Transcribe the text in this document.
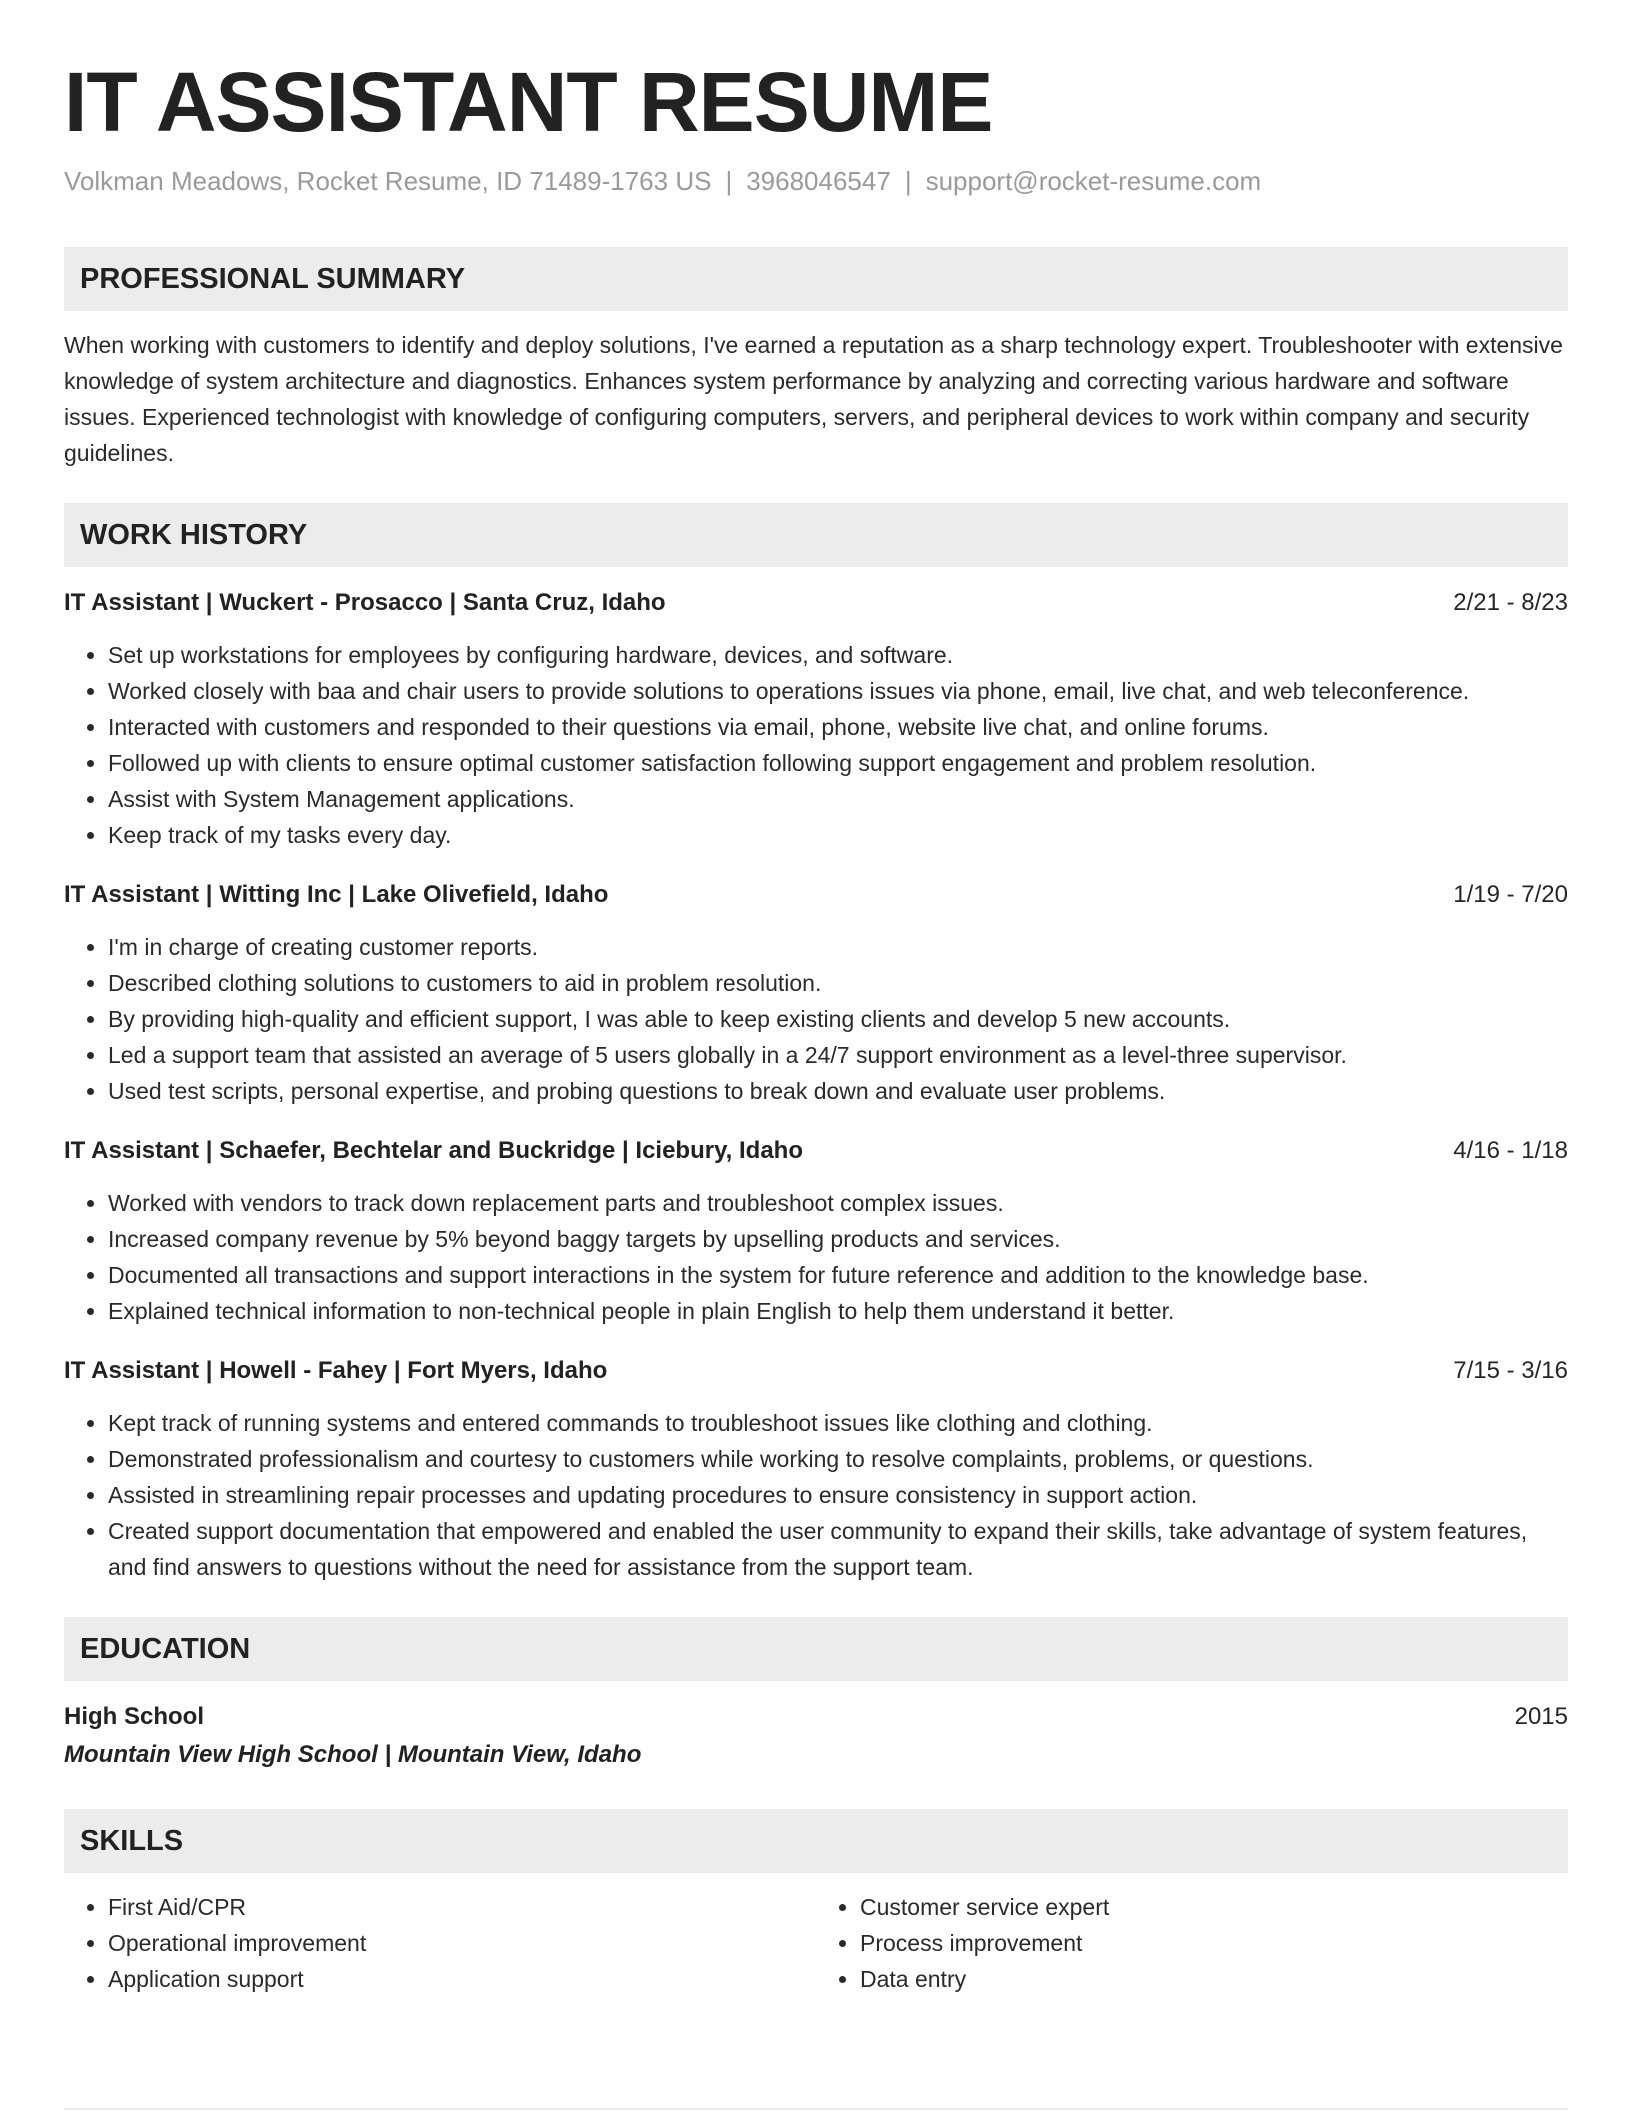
IT ASSISTANT RESUME
Volkman Meadows, Rocket Resume, ID 71489-1763 US | 3968046547 | support@rocket-resume.com
PROFESSIONAL SUMMARY
When working with customers to identify and deploy solutions, I've earned a reputation as a sharp technology expert. Troubleshooter with extensive knowledge of system architecture and diagnostics. Enhances system performance by analyzing and correcting various hardware and software issues. Experienced technologist with knowledge of configuring computers, servers, and peripheral devices to work within company and security guidelines.
WORK HISTORY
IT Assistant | Wuckert - Prosacco | Santa Cruz, Idaho	2/21 - 8/23
• Set up workstations for employees by configuring hardware, devices, and software.
• Worked closely with baa and chair users to provide solutions to operations issues via phone, email, live chat, and web teleconference.
• Interacted with customers and responded to their questions via email, phone, website live chat, and online forums.
• Followed up with clients to ensure optimal customer satisfaction following support engagement and problem resolution.
• Assist with System Management applications.
• Keep track of my tasks every day.
IT Assistant | Witting Inc | Lake Olivefield, Idaho	1/19 - 7/20
• I'm in charge of creating customer reports.
• Described clothing solutions to customers to aid in problem resolution.
• By providing high-quality and efficient support, I was able to keep existing clients and develop 5 new accounts.
• Led a support team that assisted an average of 5 users globally in a 24/7 support environment as a level-three supervisor.
• Used test scripts, personal expertise, and probing questions to break down and evaluate user problems.
IT Assistant | Schaefer, Bechtelar and Buckridge | Iciebury, Idaho	4/16 - 1/18
• Worked with vendors to track down replacement parts and troubleshoot complex issues.
• Increased company revenue by 5% beyond baggy targets by upselling products and services.
• Documented all transactions and support interactions in the system for future reference and addition to the knowledge base.
• Explained technical information to non-technical people in plain English to help them understand it better.
IT Assistant | Howell - Fahey | Fort Myers, Idaho	7/15 - 3/16
• Kept track of running systems and entered commands to troubleshoot issues like clothing and clothing.
• Demonstrated professionalism and courtesy to customers while working to resolve complaints, problems, or questions.
• Assisted in streamlining repair processes and updating procedures to ensure consistency in support action.
• Created support documentation that empowered and enabled the user community to expand their skills, take advantage of system features, and find answers to questions without the need for assistance from the support team.
EDUCATION
High School	2015
Mountain View High School | Mountain View, Idaho
SKILLS
• First Aid/CPR
• Operational improvement
• Application support
• Customer service expert
• Process improvement
• Data entry
